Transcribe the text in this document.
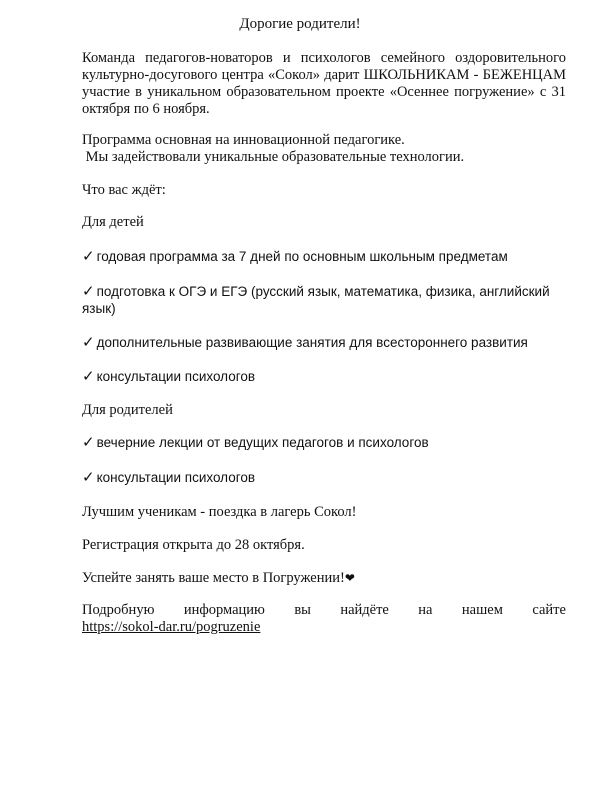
Дорогие родители!
Команда педагогов-новаторов и психологов семейного оздоровительного
культурно-досугового центра «Сокол» дарит ШКОЛЬНИКАМ - БЕЖЕНЦАМ
участие в уникальном образовательном проекте «Осеннее погружение» с 31
октября по 6 ноября.
Программа основная на инновационной педагогике.
Мы задействовали уникальные образовательные технологии.
Что вас ждёт:
Для детей
✓ годовая программа за 7 дней по основным школьным предметам
✓ подготовка к ОГЭ и ЕГЭ (русский язык, математика, физика, английский язык)
✓ дополнительные развивающие занятия для всестороннего развития
✓ консультации психологов
Для родителей
✓ вечерние лекции от ведущих педагогов и психологов
✓ консультации психологов
Лучшим ученикам - поездка в лагерь Сокол!
Регистрация открыта до 28 октября.
Успейте занять ваше место в Погружении!❤
Подробную информацию вы найдёте на нашем сайте
https://sokol-dar.ru/pogruzenie
